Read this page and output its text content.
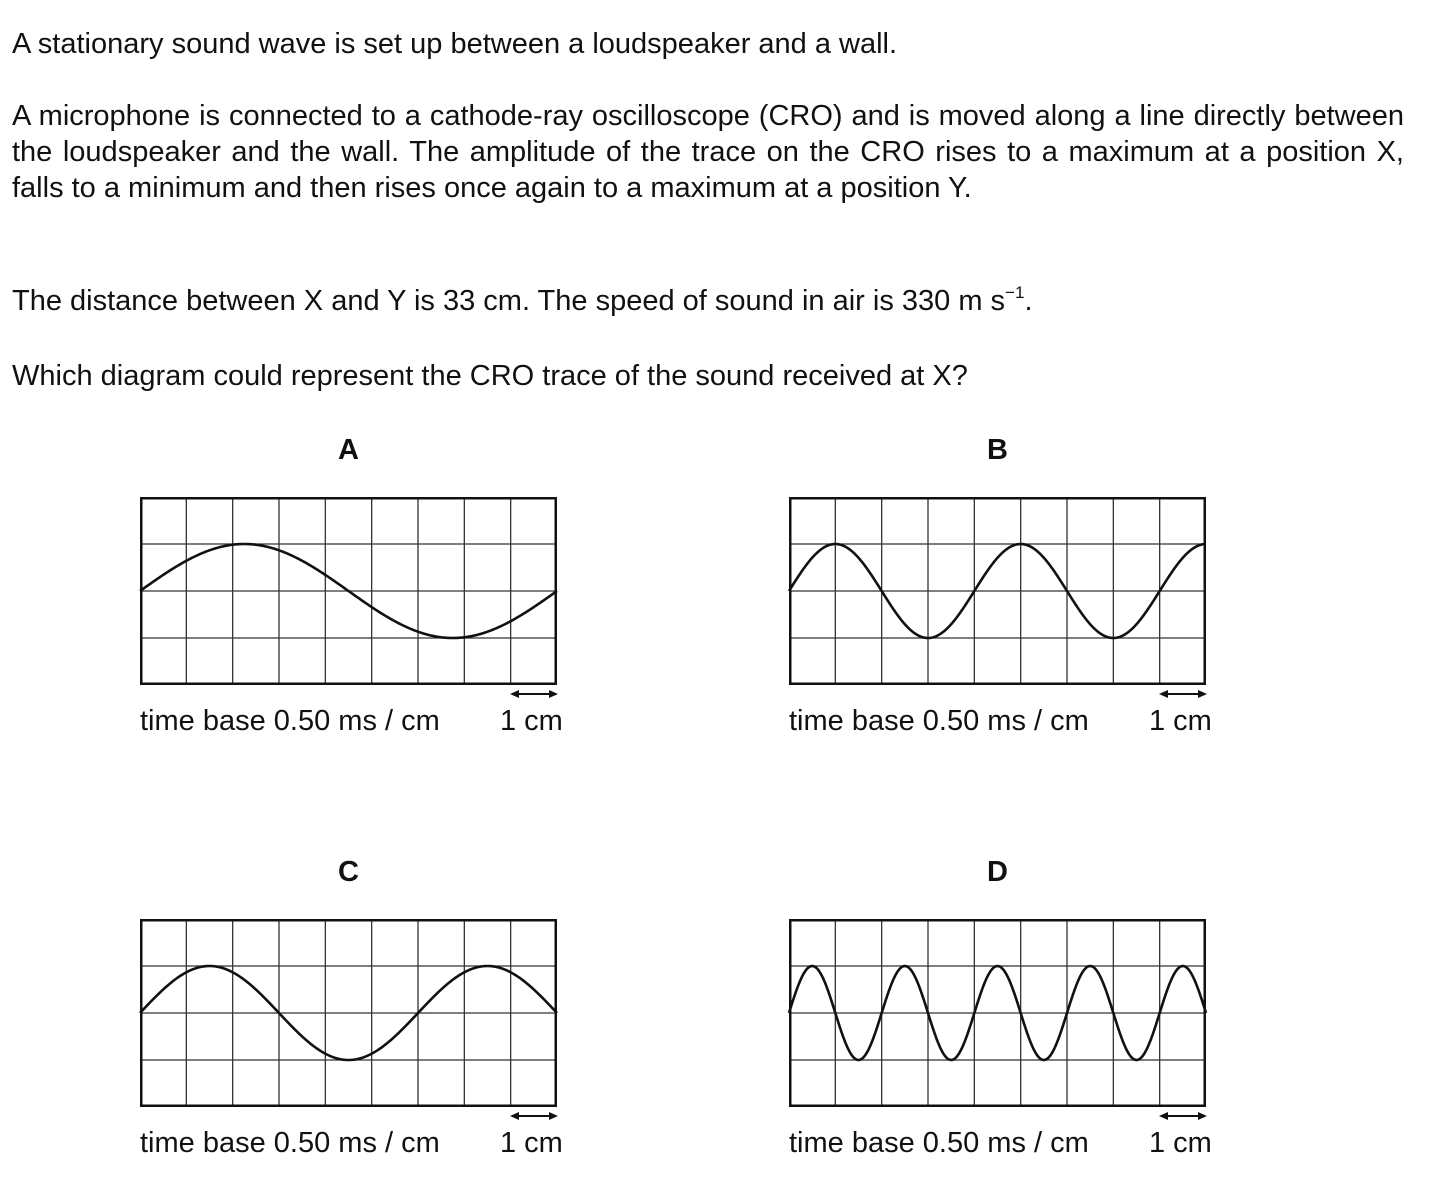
A stationary sound wave is set up between a loudspeaker and a wall.

A microphone is connected to a cathode-ray oscilloscope (CRO) and is moved along a line directly between the loudspeaker and the wall. The amplitude of the trace on the CRO rises to a maximum at a position X, falls to a minimum and then rises once again to a maximum at a position Y.

The distance between X and Y is 33 cm. The speed of sound in air is 330 m $s^{-1}$.

Which diagram could represent the CRO trace of the sound received at X?

A
time base 0.50 ms / cm 1 cm
B
time base 0.50 ms / cm 1 cm
C
time base 0.50 ms / cm 1 cm
D
time base 0.50 ms / cm 1 cm
